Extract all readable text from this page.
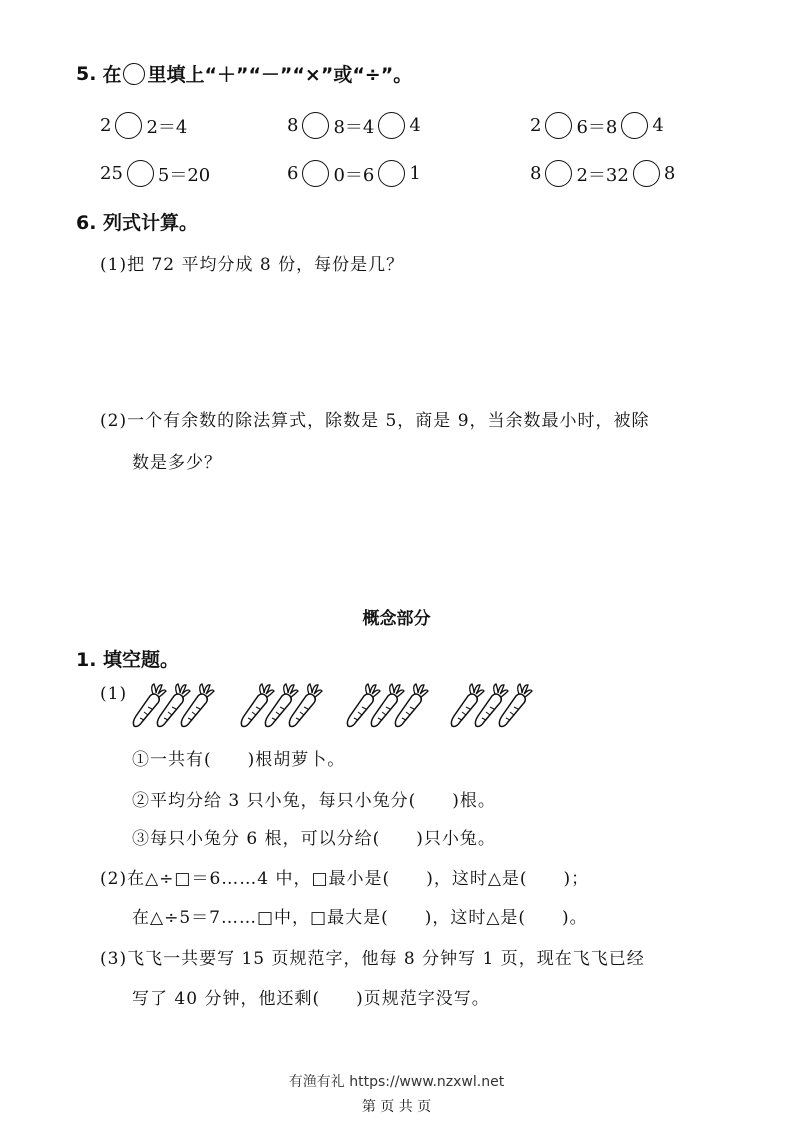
5. 在 里填上“＋”“－”“×”或“÷”。
2 2＝4	8 8＝4 4	2 6＝8 4
25 5＝20	6 0＝6 1	8 2＝32 8
6. 列式计算。
(1)把 72 平均分成 8 份，每份是几？
(2)一个有余数的除法算式，除数是 5，商是 9，当余数最小时，被除
数是多少？
概念部分
1. 填空题。
(1)
①一共有(　　)根胡萝卜。
②平均分给 3 只小兔，每只小兔分(　　)根。
③每只小兔分 6 根，可以分给(　　)只小兔。
(2)在△÷□＝6……4 中，□最小是(　　)，这时△是(　　)；
在△÷5＝7……□中，□最大是(　　)，这时△是(　　)。
(3)飞飞一共要写 15 页规范字，他每 8 分钟写 1 页，现在飞飞已经
写了 40 分钟，他还剩(　　)页规范字没写。
有渔有礼 https://www.nzxwl.net
第 页 共 页
